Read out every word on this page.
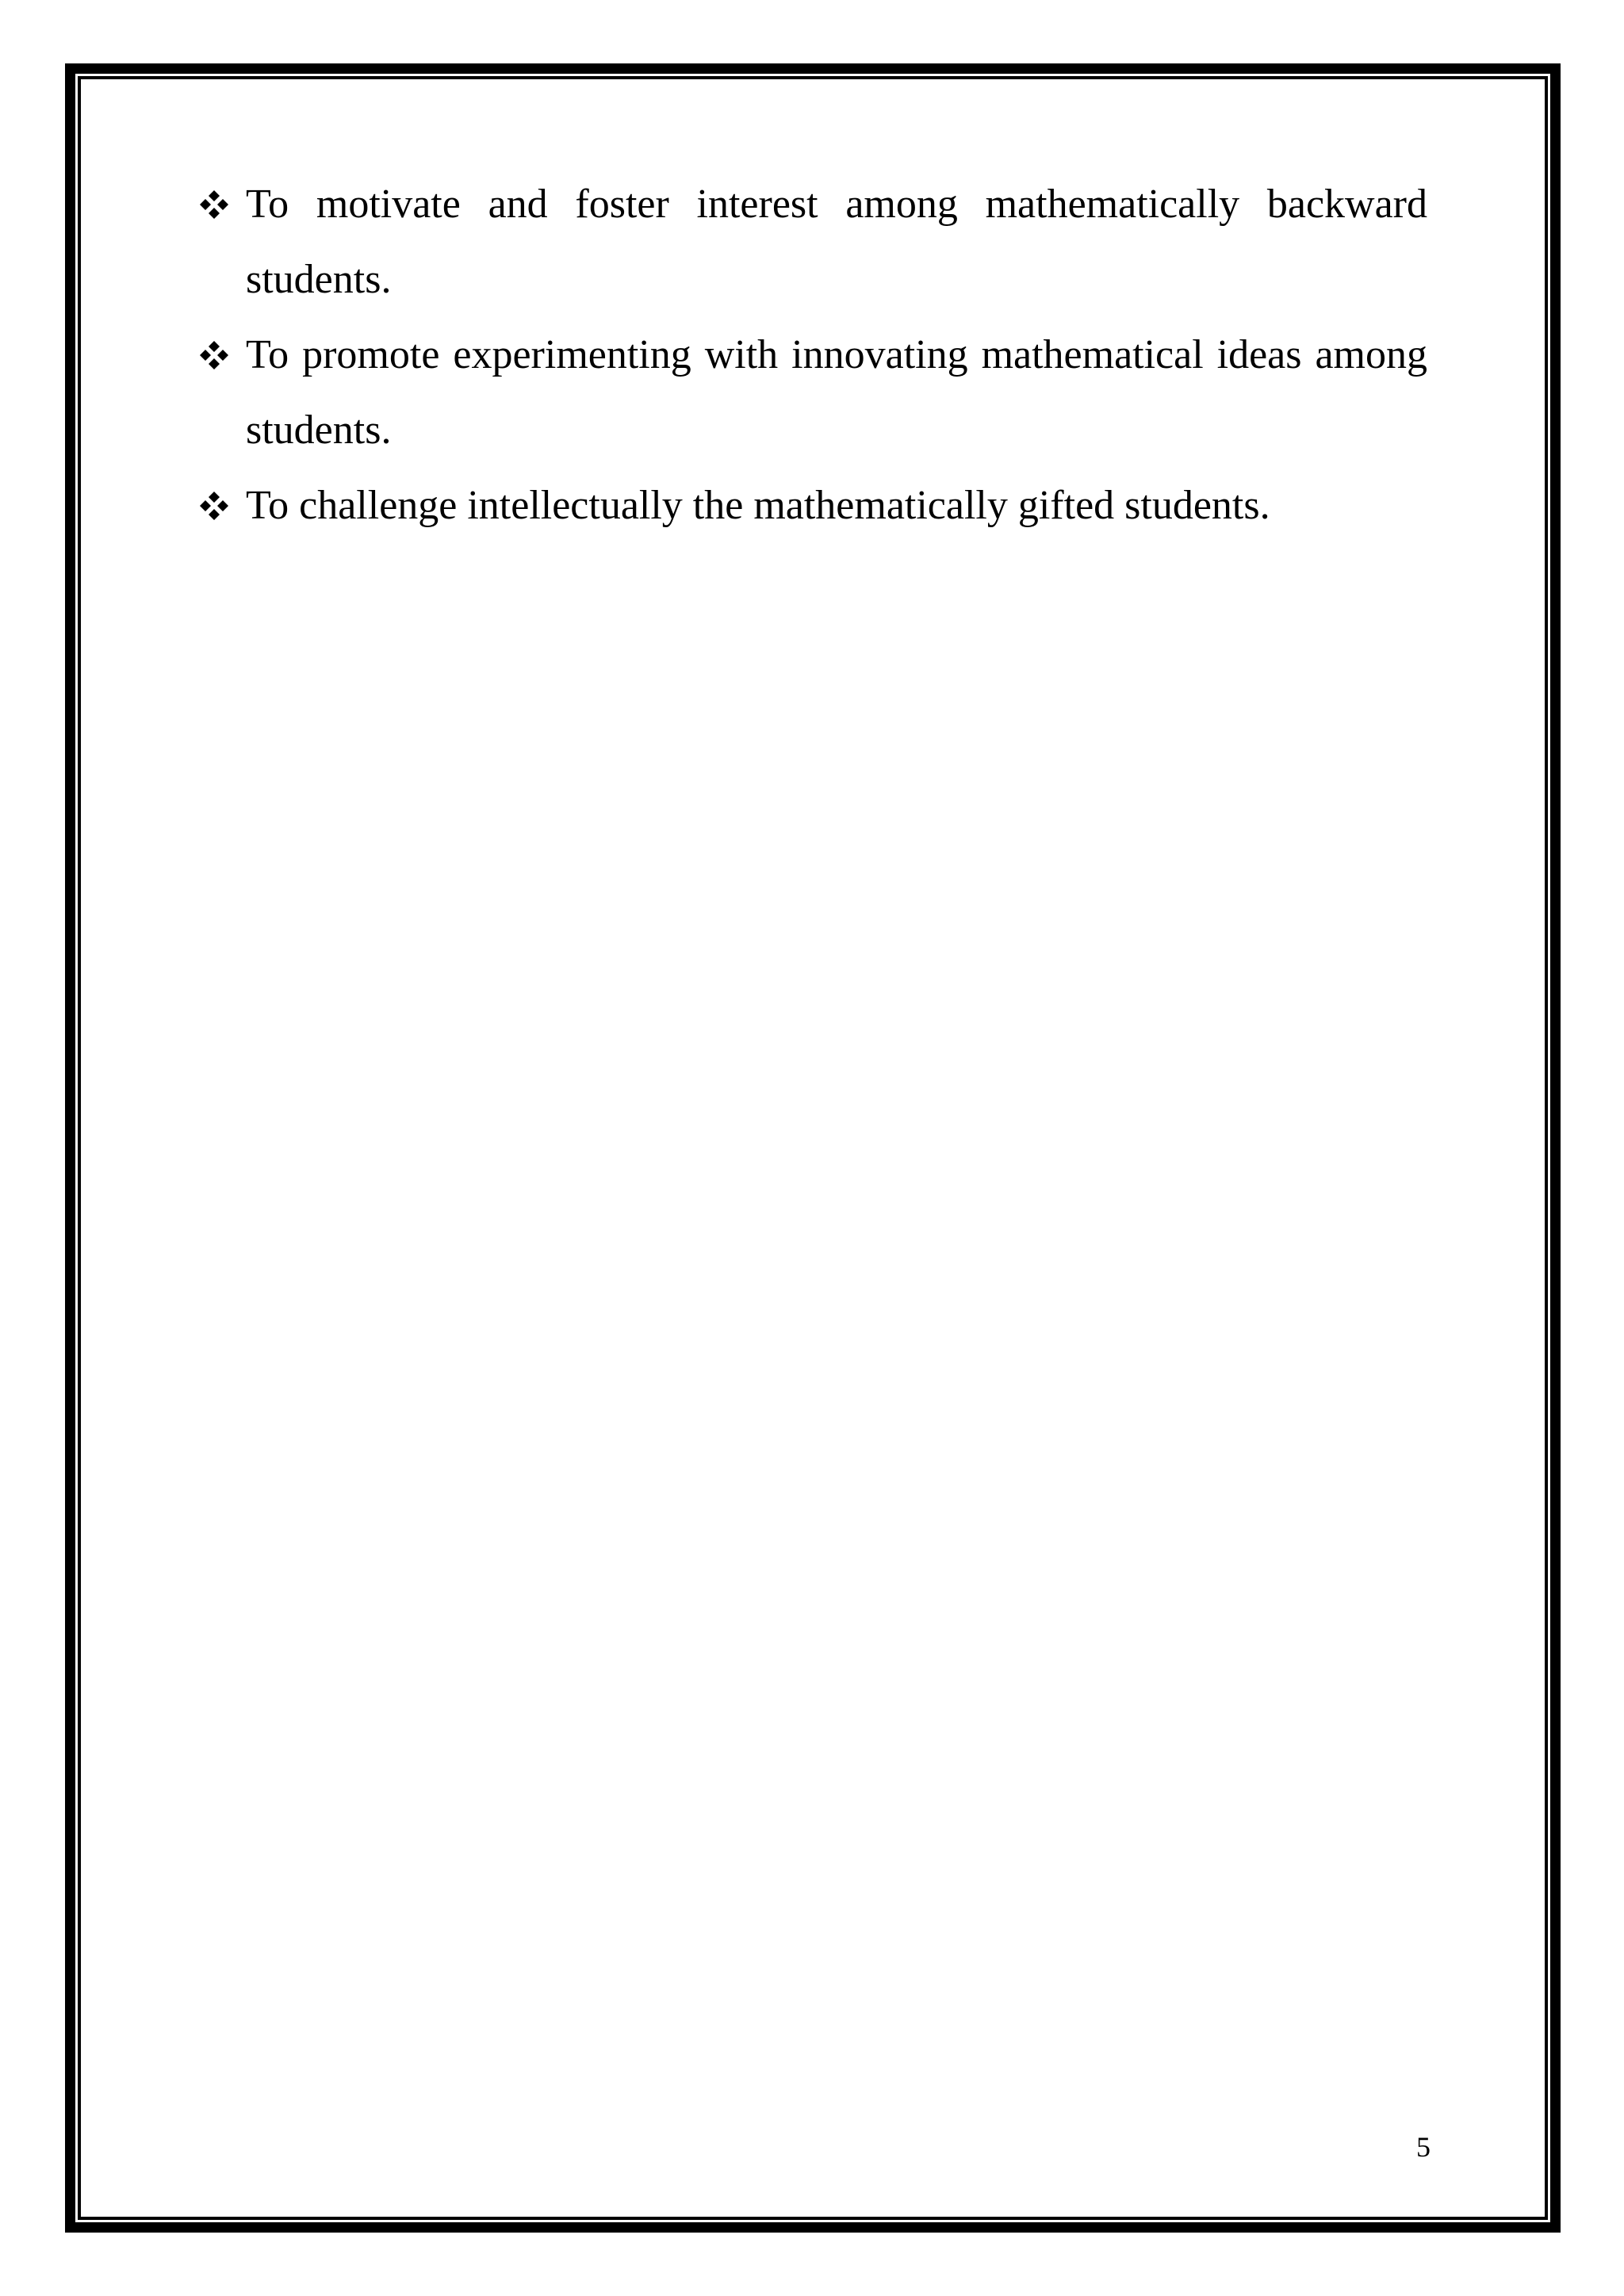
To motivate and foster interest among mathematically backward students.
To promote experimenting with innovating mathematical ideas among students.
To challenge intellectually the mathematically gifted students.
5
